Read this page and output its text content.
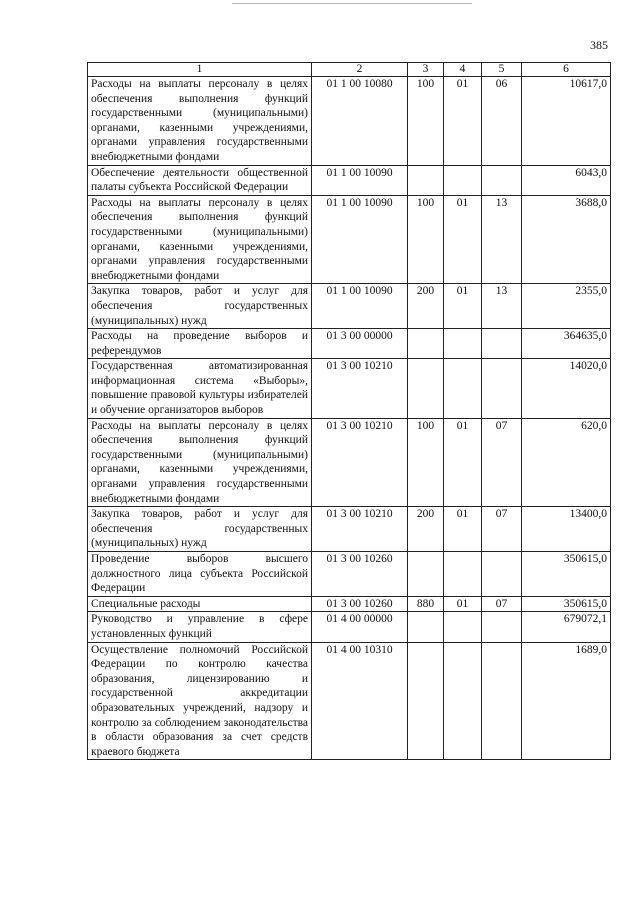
385
1	2	3	4	5	6
Расходы на выплаты персоналу в целях обеспечения выполнения функций государственными (муниципальными) органами, казенными учреждениями, органами управления государственными внебюджетными фондами	01 1 00 10080	100	01	06	10617,0
Обеспечение деятельности общественной палаты субъекта Российской Федерации	01 1 00 10090				6043,0
Расходы на выплаты персоналу в целях обеспечения выполнения функций государственными (муниципальными) органами, казенными учреждениями, органами управления государственными внебюджетными фондами	01 1 00 10090	100	01	13	3688,0
Закупка товаров, работ и услуг для обеспечения государственных (муниципальных) нужд	01 1 00 10090	200	01	13	2355,0
Расходы на проведение выборов и референдумов	01 3 00 00000				364635,0
Государственная автоматизированная информационная система «Выборы», повышение правовой культуры избирателей и обучение организаторов выборов	01 3 00 10210				14020,0
Расходы на выплаты персоналу в целях обеспечения выполнения функций государственными (муниципальными) органами, казенными учреждениями, органами управления государственными внебюджетными фондами	01 3 00 10210	100	01	07	620,0
Закупка товаров, работ и услуг для обеспечения государственных (муниципальных) нужд	01 3 00 10210	200	01	07	13400,0
Проведение выборов высшего должностного лица субъекта Российской Федерации	01 3 00 10260				350615,0
Специальные расходы	01 3 00 10260	880	01	07	350615,0
Руководство и управление в сфере установленных функций	01 4 00 00000				679072,1
Осуществление полномочий Российской Федерации по контролю качества образования, лицензированию и государственной аккредитации образовательных учреждений, надзору и контролю за соблюдением законодательства в области образования за счет средств краевого бюджета	01 4 00 10310				1689,0
